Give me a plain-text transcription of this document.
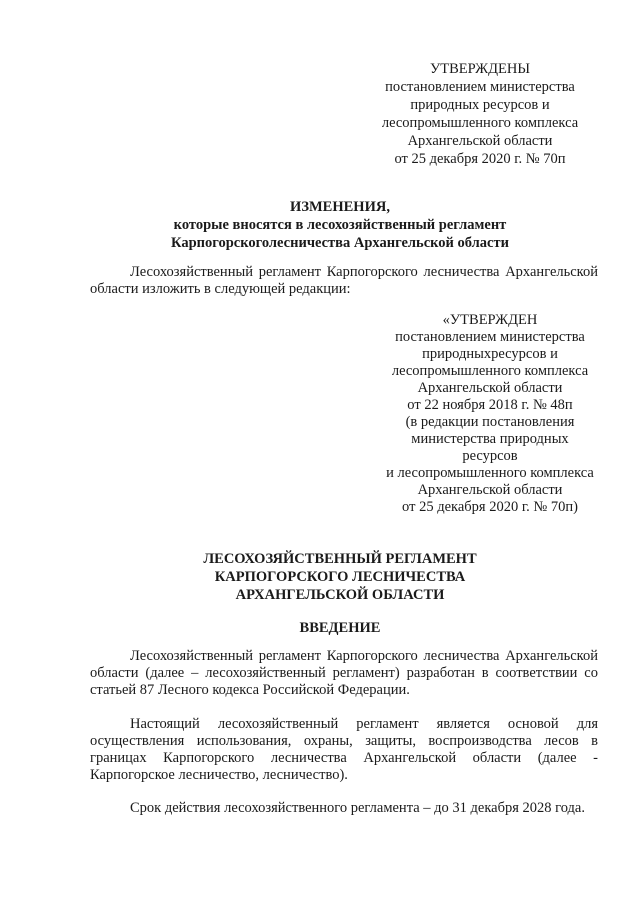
УТВЕРЖДЕНЫ
постановлением министерства
природных ресурсов и
лесопромышленного комплекса
Архангельской области
от 25 декабря 2020 г. № 70п
ИЗМЕНЕНИЯ,
которые вносятся в лесохозяйственный регламент
Карпогорскоголесничества Архангельской области
Лесохозяйственный регламент Карпогорского лесничества Архангельской области изложить в следующей редакции:
«УТВЕРЖДЕН
постановлением министерства
природныхресурсов и
лесопромышленного комплекса
Архангельской области
от 22 ноября 2018 г. № 48п
(в редакции постановления
министерства природных
ресурсов
и лесопромышленного комплекса
Архангельской области
от 25 декабря 2020 г. № 70п)
ЛЕСОХОЗЯЙСТВЕННЫЙ РЕГЛАМЕНТ
КАРПОГОРСКОГО ЛЕСНИЧЕСТВА
АРХАНГЕЛЬСКОЙ ОБЛАСТИ
ВВЕДЕНИЕ
Лесохозяйственный регламент Карпогорского лесничества Архангельской области (далее – лесохозяйственный регламент) разработан в соответствии со статьей 87 Лесного кодекса Российской Федерации.
Настоящий лесохозяйственный регламент является основой для осуществления использования, охраны, защиты, воспроизводства лесов в границах Карпогорского лесничества Архангельской области (далее - Карпогорское лесничество, лесничество).
Срок действия лесохозяйственного регламента – до 31 декабря 2028 года.
